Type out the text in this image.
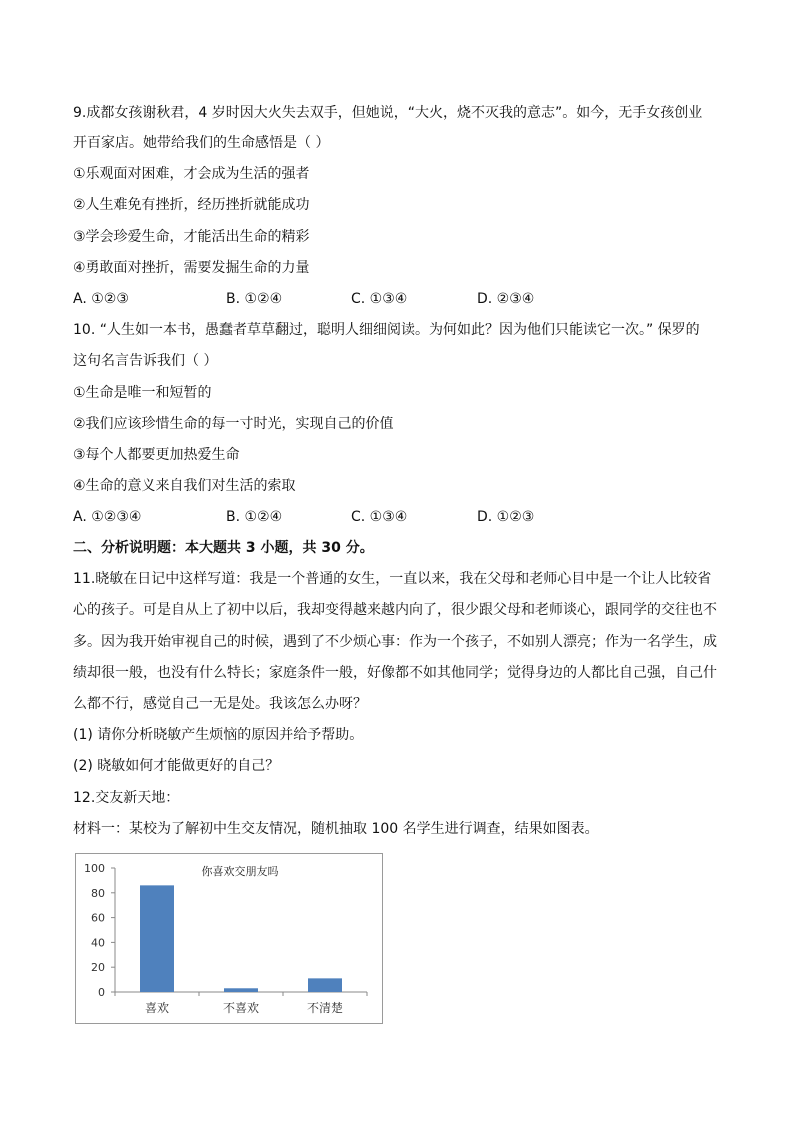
9.成都女孩谢秋君，4 岁时因大火失去双手，但她说，“大火，烧不灭我的意志”。如今，无手女孩创业
开百家店。她带给我们的生命感悟是（ ）
①乐观面对困难，才会成为生活的强者
②人生难免有挫折，经历挫折就能成功
③学会珍爱生命，才能活出生命的精彩
④勇敢面对挫折，需要发掘生命的力量
A. ①②③	B. ①②④	C. ①③④	D. ②③④
10. “人生如一本书，愚蠢者草草翻过，聪明人细细阅读。为何如此？因为他们只能读它一次。” 保罗的
这句名言告诉我们（ ）
①生命是唯一和短暂的
②我们应该珍惜生命的每一寸时光，实现自己的价值
③每个人都要更加热爱生命
④生命的意义来自我们对生活的索取
A. ①②③④	B. ①②④	C. ①③④	D. ①②③
二、分析说明题：本大题共 3 小题，共 30 分。
11.晓敏在日记中这样写道：我是一个普通的女生，一直以来，我在父母和老师心目中是一个让人比较省
心的孩子。可是自从上了初中以后，我却变得越来越内向了，很少跟父母和老师谈心，跟同学的交往也不
多。因为我开始审视自己的时候，遇到了不少烦心事：作为一个孩子，不如别人漂亮；作为一名学生，成
绩却很一般，也没有什么特长；家庭条件一般，好像都不如其他同学；觉得身边的人都比自己强，自己什
么都不行，感觉自己一无是处。我该怎么办呀？
(1) 请你分析晓敏产生烦恼的原因并给予帮助。
(2) 晓敏如何才能做更好的自己？
12.交友新天地：
材料一：某校为了解初中生交友情况，随机抽取 100 名学生进行调查，结果如图表。
你喜欢交朋友吗
0
20
40
60
80
100
喜欢	不喜欢	不清楚
